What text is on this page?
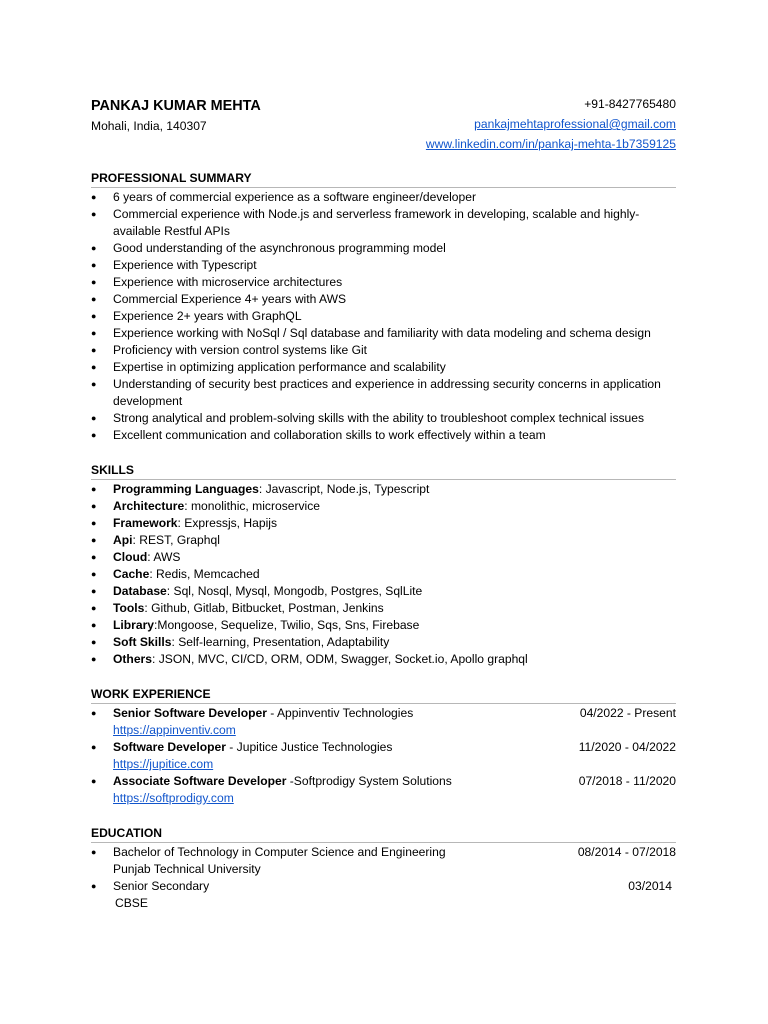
PANKAJ KUMAR MEHTA
Mohali, India, 140307
+91-8427765480
pankajmehtaprofessional@gmail.com
www.linkedin.com/in/pankaj-mehta-1b7359125
PROFESSIONAL SUMMARY
● 6 years of commercial experience as a software engineer/developer
● Commercial experience with Node.js and serverless framework in developing, scalable and highly-available Restful APIs
● Good understanding of the asynchronous programming model
● Experience with Typescript
● Experience with microservice architectures
● Commercial Experience 4+ years with AWS
● Experience 2+ years with GraphQL
● Experience working with NoSql / Sql database and familiarity with data modeling and schema design
● Proficiency with version control systems like Git
● Expertise in optimizing application performance and scalability
● Understanding of security best practices and experience in addressing security concerns in application development
● Strong analytical and problem-solving skills with the ability to troubleshoot complex technical issues
● Excellent communication and collaboration skills to work effectively within a team
SKILLS
● Programming Languages: Javascript, Node.js, Typescript
● Architecture: monolithic, microservice
● Framework: Expressjs, Hapijs
● Api: REST, Graphql
● Cloud: AWS
● Cache: Redis, Memcached
● Database: Sql, Nosql, Mysql, Mongodb, Postgres, SqlLite
● Tools: Github, Gitlab, Bitbucket, Postman, Jenkins
● Library:Mongoose, Sequelize, Twilio, Sqs, Sns, Firebase
● Soft Skills: Self-learning, Presentation, Adaptability
● Others: JSON, MVC, CI/CD, ORM, ODM, Swagger, Socket.io, Apollo graphql
WORK EXPERIENCE
● Senior Software Developer - Appinventiv Technologies	04/2022 - Present
https://appinventiv.com
● Software Developer - Jupitice Justice Technologies	11/2020 - 04/2022
https://jupitice.com
● Associate Software Developer -Softprodigy System Solutions	07/2018 - 11/2020
https://softprodigy.com
EDUCATION
● Bachelor of Technology in Computer Science and Engineering	08/2014 - 07/2018
Punjab Technical University
● Senior Secondary	03/2014
CBSE
